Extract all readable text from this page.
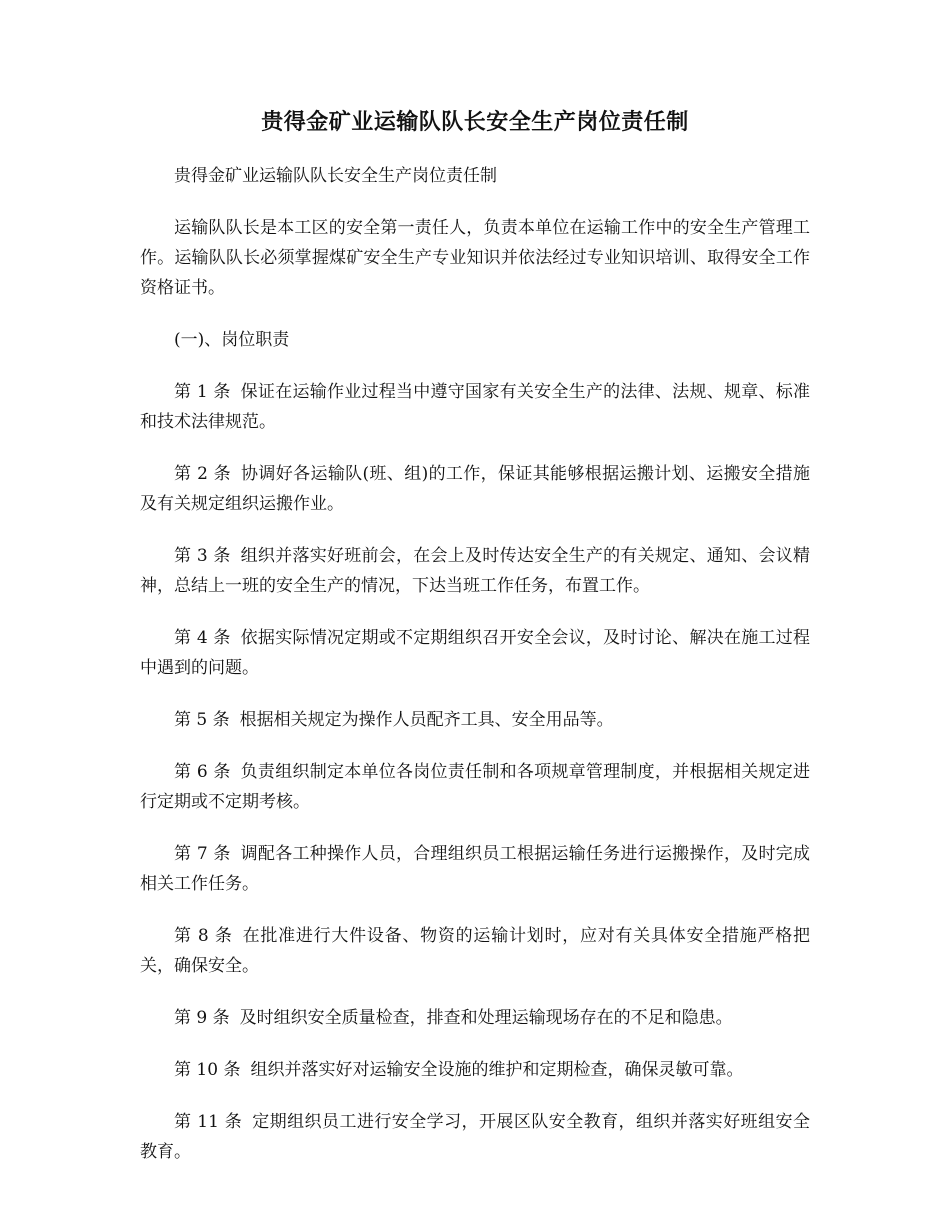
贵得金矿业运输队队长安全生产岗位责任制

贵得金矿业运输队队长安全生产岗位责任制

运输队队长是本工区的安全第一责任人，负责本单位在运输工作中的安全生产管理工作。运输队队长必须掌握煤矿安全生产专业知识并依法经过专业知识培训、取得安全工作资格证书。

(一)、岗位职责

第 1 条 保证在运输作业过程当中遵守国家有关安全生产的法律、法规、规章、标准和技术法律规范。

第 2 条 协调好各运输队(班、组)的工作，保证其能够根据运搬计划、运搬安全措施及有关规定组织运搬作业。

第 3 条 组织并落实好班前会，在会上及时传达安全生产的有关规定、通知、会议精神，总结上一班的安全生产的情况，下达当班工作任务，布置工作。

第 4 条 依据实际情况定期或不定期组织召开安全会议，及时讨论、解决在施工过程中遇到的问题。

第 5 条 根据相关规定为操作人员配齐工具、安全用品等。

第 6 条 负责组织制定本单位各岗位责任制和各项规章管理制度，并根据相关规定进行定期或不定期考核。

第 7 条 调配各工种操作人员，合理组织员工根据运输任务进行运搬操作，及时完成相关工作任务。

第 8 条 在批准进行大件设备、物资的运输计划时，应对有关具体安全措施严格把关，确保安全。

第 9 条 及时组织安全质量检查，排查和处理运输现场存在的不足和隐患。

第 10 条 组织并落实好对运输安全设施的维护和定期检查，确保灵敏可靠。

第 11 条 定期组织员工进行安全学习，开展区队安全教育，组织并落实好班组安全教育。
